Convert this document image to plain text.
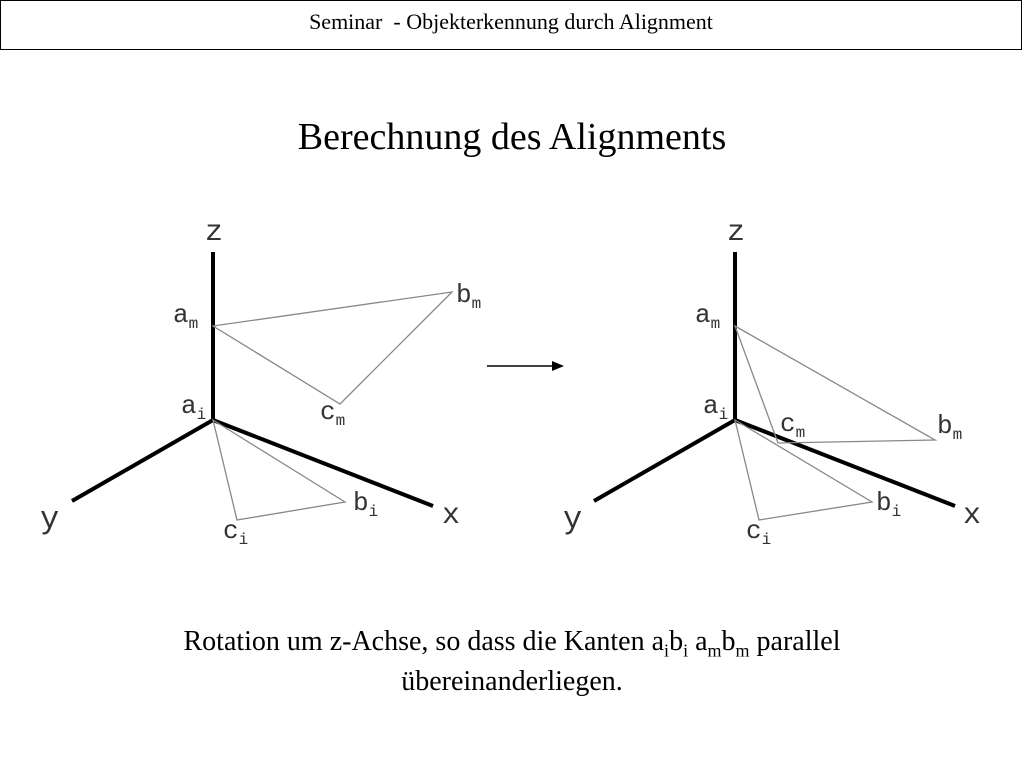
Seminar  - Objekterkennung durch Alignment
Berechnung des Alignments
z
y	x
am
bm
cm
ai
bi
ci
z
y	x
am
cm	bm
ai
bi
ci
Rotation um z-Achse, so dass die Kanten $a_ib_i$ $a_mb_m$ parallel
übereinanderliegen.
